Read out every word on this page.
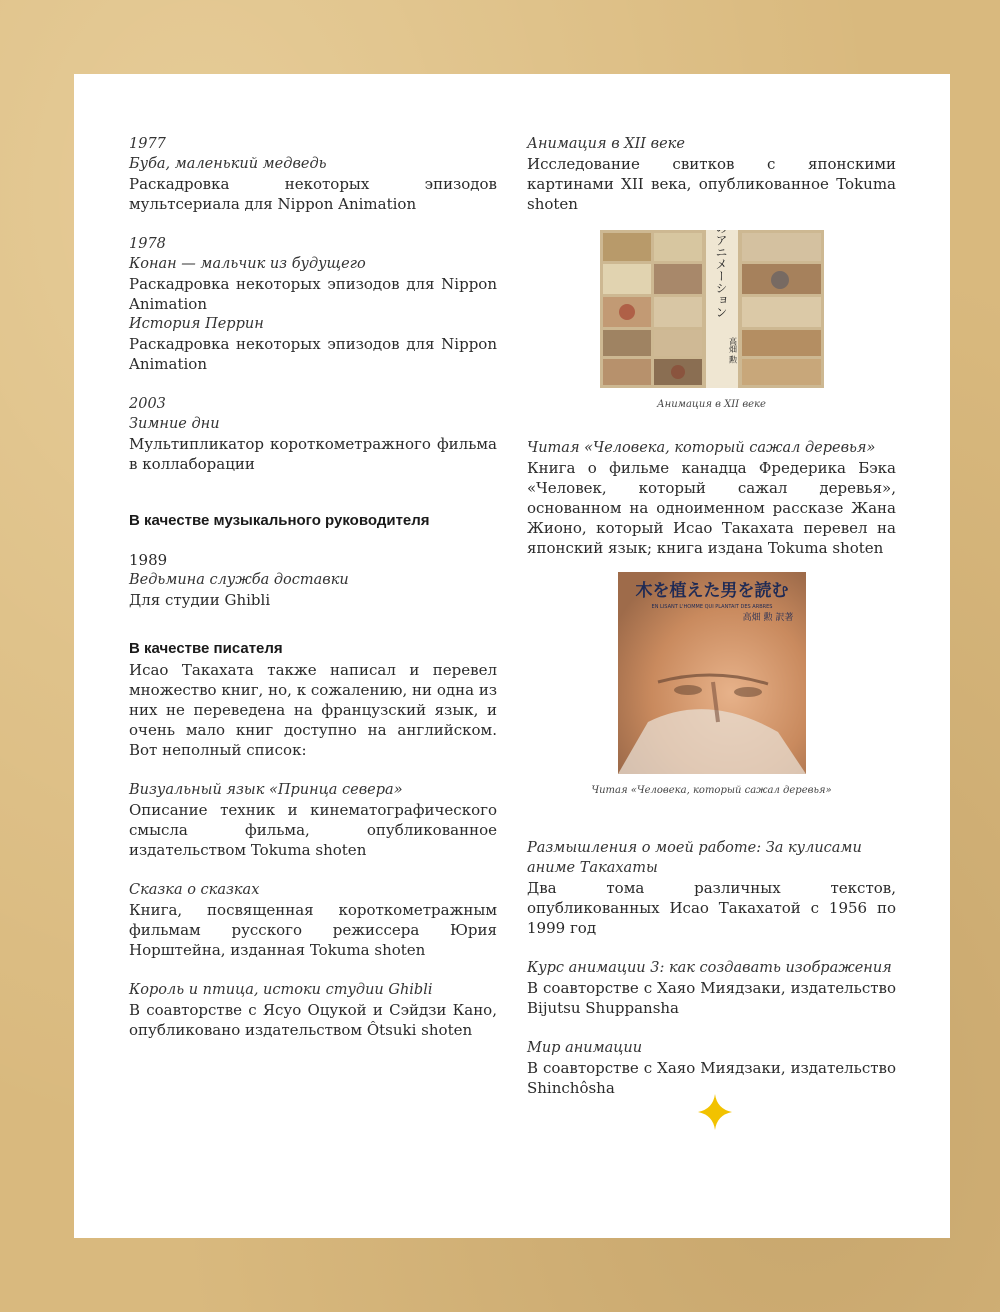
1977
Буба, маленький медведь
Раскадровка некоторых эпизодов мультсериала для Nippon Animation
1978
Конан — мальчик из будущего
Раскадровка некоторых эпизодов для Nippon Animation
История Перрин
Раскадровка некоторых эпизодов для Nippon Animation
2003
Зимние дни
Мультипликатор короткометражного фильма в коллаборации
В качестве музыкального руководителя
1989
Ведьмина служба доставки
Для студии Ghibli
В качестве писателя
Исао Такахата также написал и перевел множество книг, но, к сожалению, ни одна из них не переведена на французский язык, и очень мало книг доступно на английском. Вот неполный список:
Визуальный язык «Принца севера»
Описание техник и кинематографического смысла фильма, опубликованное издательством Tokuma shoten
Сказка о сказках
Книга, посвященная короткометражным фильмам русского режиссера Юрия Норштейна, изданная Tokuma shoten
Король и птица, истоки студии Ghibli
В соавторстве с Ясуо Оцукой и Сэйдзи Кано, опубликовано издательством Ôtsuki shoten
Анимация в XII веке
Исследование свитков с японскими картинами XII века, опубликованное Tokuma shoten	十二世紀のアニメーション
高畑 勲
Анимация в XII веке
Читая «Человека, который сажал деревья»
Книга о фильме канадца Фредерика Бэка «Человек, который сажал деревья», основанном на одноименном рассказе Жана Жионо, который Исао Такахата перевел на японский язык; книга издана Tokuma shoten
木を植えた男を読む
EN LISANT L'HOMME QUI PLANTAIT DES ARBRES
高畑 勲 訳著
Читая «Человека, который сажал деревья»
Размышления о моей работе: За кулисами аниме Такахаты
Два тома различных текстов, опубликованных Исао Такахатой с 1956 по 1999 год
Курс анимации 3: как создавать изображения
В соавторстве с Хаяо Миядзаки, издательство Bijutsu Shuppansha
Мир анимации
В соавторстве с Хаяо Миядзаки, издательство Shinchôsha
